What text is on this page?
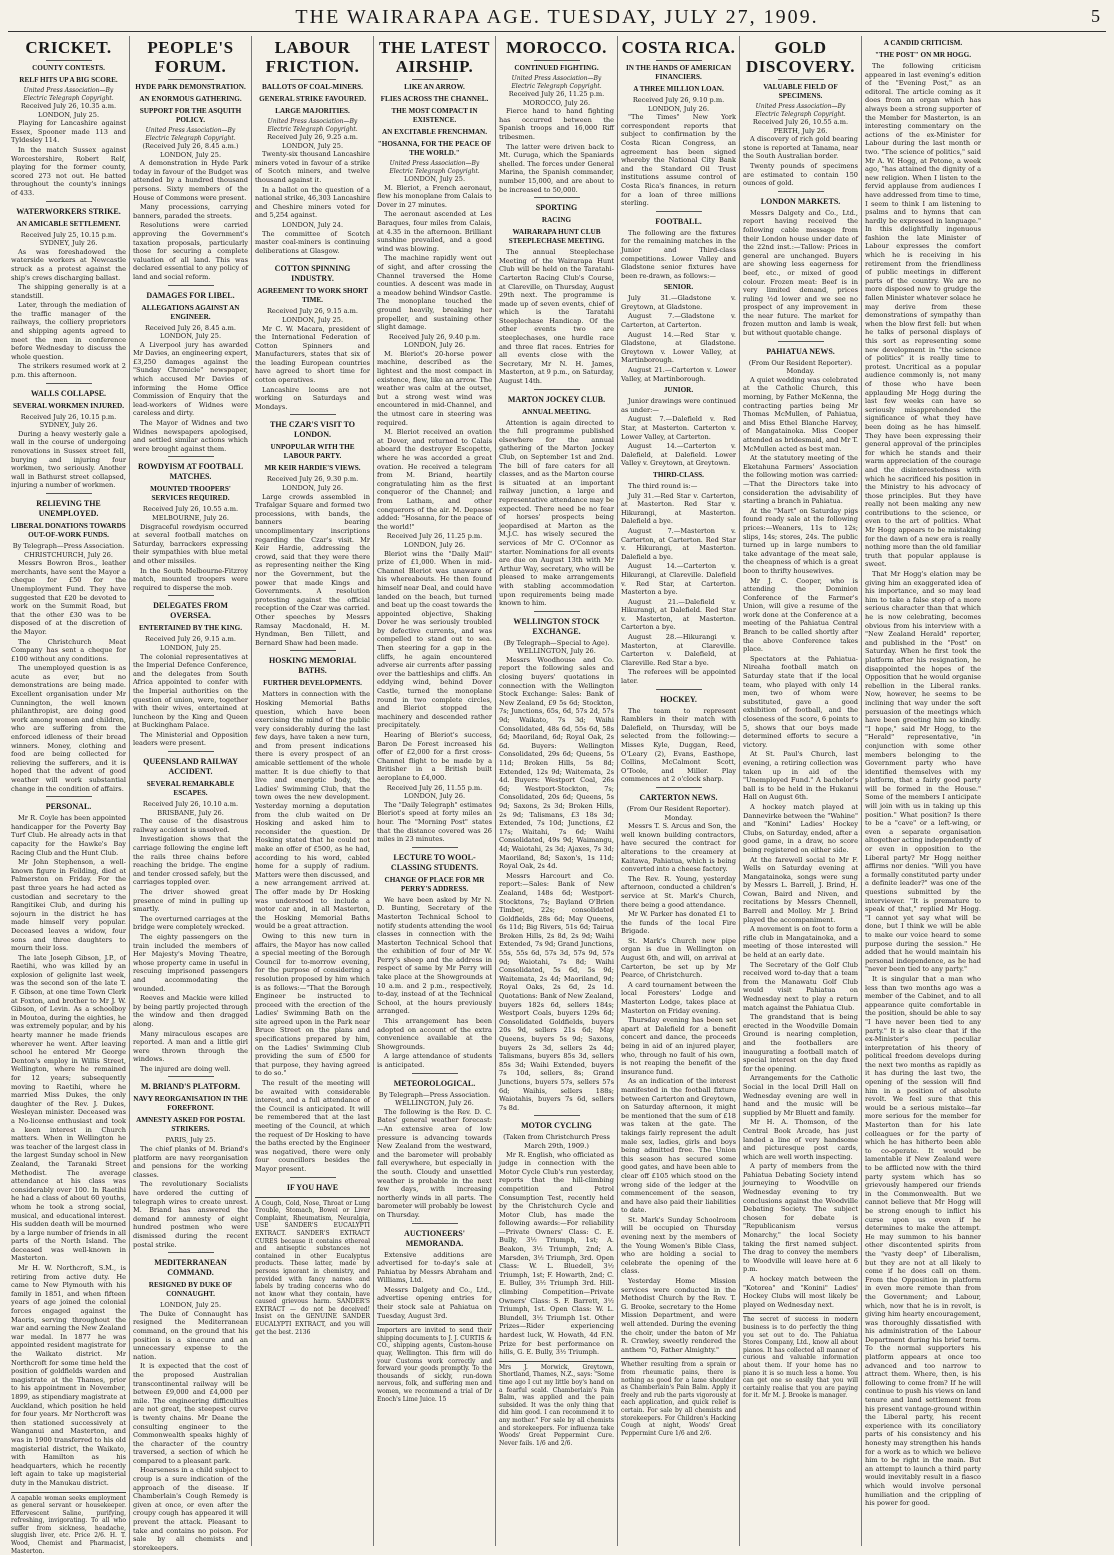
THE WAIRARAPA AGE. TUESDAY, JULY 27, 1909.	5
CRICKET.
COUNTY CONTESTS.
RELF HITS UP A BIG SCORE.
United Press Association—By Electric Telegraph Copyright.
Received July 26, 10.35 a.m.
LONDON, July 25.
Playing for Lancashire against Essex, Spooner made 113 and Tyldesley 114.
In the match Sussex against Worcestershire, Robert Relf, playing for the former county, scored 273 not out. He batted throughout the county's innings of 433.
WATERWORKERS STRIKE.
AN AMICABLE SETTLEMENT.
Received July 25, 10.15 p.m.
SYDNEY, July 26.
As was foreshadowed the waterside workers at Newcastle struck as a protest against the ship's crews discharging ballast.
The shipping generally is at a standstill.
Later, through the mediation of the traffic manager of the railways, the colliery proprietors and shipping agents agreed to meet the men in conference before Wednesday to discuss the whole question.
The strikers resumed work at 2 p.m. this afternoon.
WALLS COLLAPSE.
SEVERAL WORKMEN INJURED.
Received July 26, 10.15 p.m.
SYDNEY, July 26.
During a heavy westerly gale a wall in the course of undergoing renovations in Sussex street fell, burying and injuring four workmen, two seriously. Another wall in Bathurst street collapsed, injuring a number of workmen.
RELIEVING THE UNEMPLOYED.
LIBERAL DONATIONS TOWARDS OUT-OF-WORK FUNDS.
By Telegraph—Press Association. CHRISTCHURCH, July 26.
Messrs Bowron Bros., leather merchants, have sent the Mayor a cheque for £50 for the Unemployment Fund. They have suggested that £20 be devoted to work on the Summit Road, but that the other £30 was to be disposed of at the discretion of the Mayor.
The Christchurch Meat Company has sent a cheque for £100 without any conditions.
The unemployed question is as acute as ever, but no demonstrations are being made. Excellent organisation under Mr Cunnington, the well known philanthropist, are doing good work among women and children, who are suffering from the enforced idleness of their bread winners. Money, clothing and food are being collected for relieving the sufferers, and it is hoped that the advent of good weather will work substantial change in the condition of affairs.
PERSONAL.
Mr R. Coyle has been appointed handicapper for the Poverty Bay Turf Club. He already acts in that capacity for the Hawke's Bay Racing Club and the Hunt Club.
Mr John Stephenson, a well-known figure in Feilding, died at Palmerston on Friday. For the past three years he had acted as custodian and secretary to the Rangitikei Club, and during his sojourn in the district he has made himself very popular. Deceased leaves a widow, four sons and three daughters to mourn their loss.
The late Joseph Gibson, J.P., of Raetihi, who was killed by an explosion of gelignite last week, was the second son of the late T. F. Gibson, at one time Town Clerk at Foxton, and brother to Mr J. W. Gibson, of Levin. As a schoolboy in Moutoa, during the eighties, he was extremely popular, and by his hearty manner he made friends wherever he went. After leaving school he entered Mr George Denton's employ in Willis Street, Wellington, where he remained for 12 years; subsequently moving to Raetihi, where he married Miss Dukes, the only daughter of the Rev. J. Dukes, Wesleyan minister. Deceased was a No-license enthusiast and took a keen interest in Church matters. When in Wellington he was teacher of the largest class in the largest Sunday school in New Zealand, the Taranaki Street Methodist. The average attendance at his class was considerably over 100. In Raetihi he had a class of about 60 youths, whom he took a strong social, musical, and educational interest. His sudden death will be mourned by a large number of friends in all parts of the North Island. The deceased was well-known in Masterton.
Mr H. W. Northcroft, S.M., is retiring from active duty. He came to New Plymouth with his family in 1851, and when fifteen years of age joined the colonial forces engaged against the Maoris, serving throughout the war and earning the New Zealand war medal. In 1877 he was appointed resident magistrate for the Waikato district. Mr Northcroft for some time held the position of goldfields warden and magistrate at the Thames, prior to his appointment in November, 1899, as stipendiary magistrate at Auckland, which position he held for four years. Mr Northcroft was then stationed successively at Wanganui and Masterton, and was in 1900 transferred to his old magisterial district, the Waikato, with Hamilton as his headquarters, which he recently left again to take up magisterial duty in the Manukau district.
A capable woman seeks employment as general servant or housekeeper. Effervescent Saline, purifying, refreshing, invigorating. To all who suffer from sickness, headache, sluggish liver, etc. Price 2/6. H. T. Wood, Chemist and Pharmacist, Masterton.
PEOPLE'S FORUM.
HYDE PARK DEMONSTRATION.
AN ENORMOUS GATHERING.
SUPPORT FOR THE ASQUITH POLICY.
United Press Association—By Electric Telegraph Copyright.
(Received July 26, 8.45 a.m.)
LONDON, July 25.
A demonstration in Hyde Park today in favour of the Budget was attended by a hundred thousand persons. Sixty members of the House of Commons were present.
Many processions, carrying banners, paraded the streets.
Resolutions were carried approving the Government's taxation proposals, particularly those for securing a complete valuation of all land. This was declared essential to any policy of land and social reform.
DAMAGES FOR LIBEL.
ALLEGATIONS AGAINST AN ENGINEER.
Received July 26, 8.45 a.m.
LONDON, July 25.
A Liverpool jury has awarded Mr Davies, an engineering expert, £3,250 damages against the "Sunday Chronicle" newspaper, which accused Mr Davies of informing the Home Office Commission of Enquiry that the lead-workers of Widnes were careless and dirty.
The Mayor of Widnes and two Widnes newspapers apologised, and settled similar actions which were brought against them.
ROWDYISM AT FOOTBALL MATCHES.
MOUNTED TROOPERS' SERVICES REQUIRED.
Received July 26, 10.55 a.m.
MELBOURNE, July 26.
Disgraceful rowdyism occurred at several football matches on Saturday, barrackers expressing their sympathies with blue metal and other missiles.
In the South Melbourne-Fitzroy match, mounted troopers were required to disperse the mob.
DELEGATES FROM OVERSEA.
ENTERTAINED BY THE KING.
Received July 26, 9.15 a.m.
LONDON, July 25.
The colonial representatives at the Imperial Defence Conference, and the delegates from South Africa appointed to confer with the Imperial authorities on the question of union, were, together with their wives, entertained at luncheon by the King and Queen at Buckingham Palace.
The Ministerial and Opposition leaders were present.
QUEENSLAND RAILWAY ACCIDENT.
SEVERAL REMARKABLE ESCAPES.
Received July 26, 10.10 a.m.
BRISBANE, July 26.
The cause of the disastrous railway accident is unsolved.
Investigation shows that the carriage following the engine left the rails three chains before reaching the bridge. The engine and tender crossed safely, but the carriages toppled over.
The driver showed great presence of mind in pulling up smartly.
The overturned carriages at the bridge were completely wrecked.
The eighty passengers on the train included the members of Her Majesty's Moving Theatre, whose property came in useful in rescuing imprisoned passengers and accommodating the wounded.
Reeves and Mackie were killed by being partly projected through the window and then dragged along.
Many miraculous escapes are reported. A man and a little girl were thrown through the windows.
The injured are doing well.
M. BRIAND'S PLATFORM.
NAVY REORGANISATION IN THE FOREFRONT.
AMNESTY ASKED FOR POSTAL STRIKERS.
PARIS, July 25.
The chief planks of M. Briand's platform are navy reorganisation and pensions for the working classes.
The revolutionary Socialists have ordered the cutting of telegraph wires to create unrest. M. Briand has answered the demand for amnesty of eight hundred postmen who were dismissed during the recent postal strike.
MEDITERRANEAN COMMAND.
RESIGNED BY DUKE OF CONNAUGHT.
LONDON, July 25.
The Duke of Connaught has resigned the Mediterranean command, on the ground that his position is a sinecure and an unnecessary expense to the nation.
It is expected that the cost of the proposed Australian transcontinental railway will be between £9,000 and £4,000 per mile. The engineering difficulties are not great, the steepest curve is twenty chains. Mr Deane the consulting engineer to the Commonwealth speaks highly of the character of the country traversed, a section of which he compared to a pleasant park.
Hoarseness in a child subject to croup is a sure indication of the approach of the disease. If Chamberlain's Cough Remedy is given at once, or even after the croupy cough has appeared it will prevent the attack. Pleasant to take and contains no poison. For sale by all chemists and storekeepers.
LABOUR FRICTION.
BALLOTS OF COAL-MINERS.
GENERAL STRIKE FAVOURED.
LARGE MAJORITIES.
United Press Association—By Electric Telegraph Copyright.
Received July 26, 9.25 a.m.
LONDON, July 25.
Twenty-six thousand Lancashire miners voted in favour of a strike of Scotch miners, and twelve thousand against it.
In a ballot on the question of a national strike, 46,303 Lancashire and Cheshire miners voted for and 5,254 against.
LONDON, July 24.
The committee of Scotch master coal-miners is continuing deliberations at Glasgow.
COTTON SPINNING INDUSTRY.
AGREEMENT TO WORK SHORT TIME.
Received July 26, 9.15 a.m.
LONDON, July 25.
Mr C. W. Macara, president of the International Federation of Cotton Spinners and Manufacturers, states that six of the leading European countries have agreed to short time for cotton operatives.
Lancashire looms are not working on Saturdays and Mondays.
THE CZAR'S VISIT TO LONDON.
UNPOPULAR WITH THE LABOUR PARTY.
MR KEIR HARDIE'S VIEWS.
Received July 26, 9.30 p.m.
LONDON, July 26.
Large crowds assembled in Trafalgar Square and formed two processions, with bands, the banners bearing uncomplimentary inscriptions regarding the Czar's visit. Mr Keir Hardie, addressing the crowd, said that they were there as representing neither the King nor the Government, but the power that made Kings and Governments. A resolution protesting against the official reception of the Czar was carried. Other speeches by Messrs Ramsay Macdonald, H. M. Hyndman, Ben Tillett, and Bernard Shaw had been made.
HOSKING MEMORIAL BATHS.
FURTHER DEVELOPMENTS.
Matters in connection with the Hosking Memorial Baths question, which have been exercising the mind of the public very considerably during the last few days, have taken a new turn, and from present indications there is every prospect of an amicable settlement of the whole matter. It is due chiefly to that live and energetic body, the Ladies' Swimming Club, that the town owes the new development. Yesterday morning a deputation from the club waited on Dr Hosking and asked him to reconsider the question. Dr Hosking stated that he could not make an offer of £500, as he had, according to his word, cabled home for a supply of radium. Matters were then discussed, and a new arrangement arrived at. The offer made by Dr Hosking was understood to include a motor car and, in all Masterton, the Hosking Memorial Baths would be a great attraction.
Owing to this new turn in affairs, the Mayor has now called a special meeting of the Borough Council for to-morrow evening, for the purpose of considering a resolution proposed by him which is as follows:—"That the Borough Engineer be instructed to proceed with the erection of the Ladies' Swimming Bath on the site agreed upon in the Park near Bruce Street on the plans and specifications prepared by him, on the Ladies' Swimming Club providing the sum of £500 for that purpose, they having agreed to do so."
The result of the meeting will be awaited with considerable interest, and a full attendance of the Council is anticipated. It will be remembered that at the last meeting of the Council, at which the request of Dr Hosking to have the baths erected by the Engineer was negatived, there were only four councillors besides the Mayor present.
IF YOU HAVE
A Cough, Cold, Nose, Throat or Lung Trouble, Stomach, Bowel or Liver Complaint, Rheumatism, Neuralgia, USE SANDER'S EUCALYPTI EXTRACT. SANDER'S EXTRACT CURES because it contains ethereal and antiseptic substances not contained in other Eucalyptus products. These latter, made by persons ignorant in chemistry, and provided with fancy names and labels by trading concerns who do not know what they contain, have caused grievous harm. SANDER'S EXTRACT — do not be deceived! Insist on the GENUINE SANDER EUCALYPTI EXTRACT, and you will get the best. 2136
THE LATEST AIRSHIP.
LIKE AN ARROW.
FLIES ACROSS THE CHANNEL.
THE MOST COMPACT IN EXISTENCE.
AN EXCITABLE FRENCHMAN.
"HOSANNA, FOR THE PEACE OF THE WORLD."
United Press Association—By Electric Telegraph Copyright.
LONDON, July 25.
M. Bleriot, a French aeronaut, flew his monoplane from Calais to Dover in 27 minutes.
The aeronaut ascended at Les Baraques, four miles from Calais, at 4.35 in the afternoon. Brilliant sunshine prevailed, and a good wind was blowing.
The machine rapidly went out of sight, and after crossing the Channel traversed the Home counties. A descent was made in a meadow behind Windsor Castle. The monoplane touched the ground heavily, breaking her propeller, and sustaining other slight damage.
Received July 26, 9.40 p.m.
LONDON, July 26.
M. Bleriot's 20-horse power machine, described as the lightest and the most compact in existence, flew, like an arrow. The weather was calm at the outset, but a strong west wind was encountered in mid-Channel, and the utmost care in steering was required.
M. Bleriot received an ovation at Dover, and returned to Calais aboard the destroyer Escopette, where he was accorded a great ovation. He received a telegram from M. Briand, heartily congratulating him as the first conqueror of the Channel; and from Latham, and other conquerors of the air. M. Depasse added: "Hosanna, for the peace of the world!"
Received July 26, 11.25 p.m.
LONDON, July 26.
Bleriot wins the "Daily Mail" prize of £1,000. When in mid-Channel Bleriot was unaware of his whereabouts. He then found himself near Deal, and could have landed on the beach, but turned and beat up the coast towards the appointed objective, Shaking Dover he was seriously troubled by defective currents, and was compelled to stand out to sea. Then steering for a gap in the cliffs, he again encountered adverse air currents after passing over the battleships and cliffs. An eddying wind, behind Dover Castle, turned the monoplane round in two complete circles, and Bleriot stopped the machinery and descended rather precipitately.
Hearing of Bleriot's success, Baron De Forest increased his offer of £2,000 for a first cross-Channel flight to be made by a Britisher in a British built aeroplane to £4,000.
Received July 26, 11.55 p.m.
LONDON, July 26.
The "Daily Telegraph" estimates Bleriot's speed at forty miles an hour. The "Morning Post" states that the distance covered was 26 miles in 23 minutes.
LECTURE TO WOOL-CLASSING STUDENTS.
CHANGE OF PLACE FOR MR PERRY'S ADDRESS.
We have been asked by Mr N. D. Bunting, Secretary of the Masterton Technical School to notify students attending the wool classes in connection with the Masterton Technical School that the exhibition of four of Mr W. Perry's sheep and the address in respect of same by Mr Perry will take place at the Showgrounds at 10 a.m. and 2 p.m., respectively, to-day, instead of at the Technical School, at the hours previously arranged.
This arrangement has been adopted on account of the extra convenience available at the Showgrounds.
A large attendance of students is anticipated.
METEOROLOGICAL.
By Telegraph—Press Association. WELLINGTON, July 26.
The following is the Rev. D. C. Bates' general weather forecast:—An extensive area of low pressure is advancing towards New Zealand from the westward, and the barometer will probably fall everywhere, but especially in the south. Cloudy and unsettled weather is probable in the next few days, with increasing northerly winds in all parts. The barometer will probably be lowest on Thursday.
AUCTIONEERS' MEMORANDA.
Extensive additions are advertised for to-day's sale at Pahiatua by Messrs Abraham and Williams, Ltd.
Messrs Dalgety and Co., Ltd., advertise opening entries for their stock sale at Pahiatua on Tuesday, August 3rd.
Importers are invited to send their shipping documents to J. J. CURTIS & CO., shipping agents, Custom-house quay, Wellington. This firm will do your Customs work correctly and forward your goods promptly. To the thousands of sickly, run-down nervous, folk, and suffering men and women, we recommend a trial of Dr Enoch's Lime Juice. 15
MOROCCO.
CONTINUED FIGHTING.
United Press Association—By Electric Telegraph Copyright.
Received July 26, 11.25 p.m.
MOROCCO, July 26.
Fierce hand to hand fighting has occurred between the Spanish troops and 16,000 Riff tribesmen.
The latter were driven back to Mt. Curuga, which the Spaniards shelled. The forces under General Marina, the Spanish commander, number 15,000, and are about to be increased to 50,000.
SPORTING
RACING
WAIRARAPA HUNT CLUB STEEPLECHASE MEETING.
The annual Steeplechase Meeting of the Wairarapa Hunt Club will be held on the Taratahi-Carterton Racing Club's Course, at Clareville, on Thursday, August 29th next. The programme is made up of seven events, chief of which is the Taratahi Steeplechase Handicap. Of the other events two are steeplechases, one hurdle race and three flat races. Entries for all events close with the Secretary, Mr N. H. James, Masterton, at 9 p.m., on Saturday, August 14th.
MARTON JOCKEY CLUB.
ANNUAL MEETING.
Attention is again directed to the full programme published elsewhere for the annual gathering of the Marton Jockey Club, on September 1st and 2nd. The bill of fare caters for all classes, and as the Marton course is situated at an important railway junction, a large and representative attendance may be expected. There need be no fear of horses' prospects being jeopardised at Marton as the M.J.C. has wisely secured the services of Mr C. O'Connor as starter. Nominations for all events are due on August 13th with Mr Arthur Way, secretary, who will be pleased to make arrangements with stabling accommodation upon requirements being made known to him.
WELLINGTON STOCK EXCHANGE.
(By Telegraph—Special to Age). WELLINGTON, July 26.
Messrs Woodhouse and Co. report the following sales and closing buyers' quotations in connection with the Wellington Stock Exchange: Sales: Bank of New Zealand, £9 5s 6d; Stockton, 7s; Junctions, 65s, 6d, 57s 2d, 57s 9d; Waikato, 7s 3d; Waihi Consolidated, 48s 6d, 55s 6d, 58s 6d; Maoriland, 6d; Royal Oak, 2s 6d. Buyers: Wellington Consolidated, 29s 6d; Queens, 5s 11d; Broken Hills, 5s 8d; Extended, 12s 9d; Waitemata, 2s 4d. Buyers: Westport Coal, 26s 6d; Westport-Stockton, 7s; Consolidated, 20s 6d; Queens, 5s 9d; Saxons, 2s 3d; Broken Hills, 2s 9d; Talismans, £3 18s 3d; Extended, 7s 10d; Junctions, £2 17s; Waitahi, 7s 6d; Waihi Consolidated, 49s 9d; Waimangu, 4d; Waiotahi, 2s 3d; Ajaxes, 7s 3d; Maoriland, 8d; Saxon's, 1s 11d; Royal Oak, 2s 4d.
Messrs Harcourt and Co. report:—Sales: Bank of New Zealand, 148s 6d; Westport-Stocktons, 7s; Bayland O'Brien Timber, 22s; consolidated Goldfields, 28s 6d; May Queens, 6s 11d; Big Rivers, 51s 6d; Tairua Broken Hills, 2s 8d, 2s 9d; Waihi Extended, 7s 9d; Grand Junctions, 55s, 55s 6d, 57s 3d, 57s 9d, 57s 9d; Waiotahi, 7s 8d; Waihi Consolidated, 5s 6d, 5s 9d; Waitemata, 2s 4d; Maoriland, 9d; Royal Oaks, 2s 6d, 2s 1d. Quotations: Bank of New Zealand, buyers 182s 6d, sellers 184s; Westport Coals, buyers 129s 6d; Consolidated Goldfields, buyers 20s 9d, sellers 21s 6d; May Queens, buyers 5s 9d; Saxons, buyers 2s 3d, sellers 2s 4d; Talismans, buyers 85s 3d, sellers 85s 3d; Waihi Extended, buyers 7s 10d, sellers, 8s; Grand Junctions, buyers 57s, sellers 57s 6d; Waihis, sellers 188s; Waiotahis, buyers 7s 6d, sellers 7s 8d.
MOTOR CYCLING
(Taken from Christchurch Press March 29th, 1909.)
Mr R. English, who officiated as judge in connection with the Motor Cycle Club's run yesterday, reports that the hill-climbing competition and Petrol Consumption Test, recently held by the Christchurch Cycle and Motor Club, has made the following awards:—For reliability—Private Owners' Class: C. E. Bully, 3½ Triumph, 1st; A. Beakon, 3½ Triumph, 2nd; A. Marsden, 3½ Triumph, 3rd. Open Class: W. L. Bluedell, 3½ Triumph, 1st; F. Howarth, 2nd; C. E. Bulley, 3½ Triumph 3rd. Hill-climbing Competition—Private Owners' Class: S. F. Barrett, 3½ Triumph, 1st. Open Class: W. L. Blundell, 3½ Triumph 1st. Other Prizes—Rider experiencing hardest luck, W. Howath, 4d F.N. Prize for best performance on hills, G. E. Bully, 3½ Triumph.
Mrs J. Morwick, Greytown, Shortland, Thames, N.Z., says: "Some time ago I cut my little boy's hand on a fearful scald. Chamberlain's Pain Balm, was applied and the pain subsided. It was the only thing that did him good. I can recommend it to any mother." For sale by all chemists and storekeepers. For influenza take Woods' Great Peppermint Cure. Never fails. 1/6 and 2/6.
COSTA RICA.
IN THE HANDS OF AMERICAN FINANCIERS.
A THREE MILLION LOAN.
Received July 26, 9.10 p.m.
LONDON, July 26.
"The Times" New York correspondent reports that subject to confirmation by the Costa Rican Congress, an agreement has been signed whereby the National City Bank and the Standard Oil Trust institutions assume control of Costa Rica's finances, in return for a loan of three millions sterling.
FOOTBALL.
The following are the fixtures for the remaining matches in the Junior and Third-class competitions. Lower Valley and Gladstone senior fixtures have been re-drawn, as follows:—
SENIOR.
July 31.—Gladstone v. Greytown, at Gladstone.
August 7.—Gladstone v. Carterton, at Carterton.
August 14.—Red Star v. Gladstone, at Gladstone. Greytown v. Lower Valley, at Martinborough.
August 21.—Carterton v. Lower Valley, at Martinborough.
JUNIOR.
Junior drawings were continued as under:—
August 7.—Dalefield v. Red Star, at Masterton. Carterton v. Lower Valley, at Carterton.
August 14.—Carterton v. Dalefield, at Dalefield. Lower Valley v. Greytown, at Greytown.
THIRD-CLASS.
The third round is:—
July 31.—Red Star v. Carterton, at Masterton. Red Star v. Hikurangi, at Masterton. Dalefield a bye.
August 7.—Masterton v. Carterton, at Carterton. Red Star v. Hikurangi, at Masterton. Dalefield a bye.
August 14.—Carterton v. Hikurangi, at Clareville. Dalefield v. Red Star, at Carterton. Masterton a bye.
August 21.—Dalefield v. Hikurangi, at Dalefield. Red Star v. Masterton, at Masterton. Carterton a bye.
August 28.—Hikurangi v. Masterton, at Clareville. Carterton v. Dalefield, at Clareville. Red Star a bye.
The referees will be appointed later.
HOCKEY.
The team to represent Ramblers in their match with Dalefield, on Thursday, will be selected from the following:—Misses Kyle, Duggan, Reed, O'Leary (2), Evans, Easthope, Collins, McCalmont Scott, O'Toole, and Miller. Play commences at 2 o'clock sharp.
CARTERTON NEWS.
(From Our Resident Reporter). Monday.
Messrs T. S. Arcus and Son, the well known building contractors, have secured the contract for alterations to the creamery at Kaitawa, Pahiatua, which is being converted into a cheese factory.
The Rev. R. Young, yesterday afternoon, conducted a children's service at St. Mark's Church, there being a good attendance.
Mr W. Parker has donated £1 to the funds of the local Fire Brigade.
St. Mark's Church new pipe organ is due in Wellington on August 6th, and will, on arrival at Carterton, be set up by Mr Pearce, of Christchurch.
A card tournament between the local Foresters' Lodge and Masterton Lodge, takes place at Masterton on Friday evening.
Thursday evening has been set apart at Dalefield for a benefit concert and dance, the proceeds being in aid of an injured player, who, through no fault of his own, is not reaping the benefit of the insurance fund.
As an indication of the interest manifested in the football fixture between Carterton and Greytown, on Saturday afternoon, it might be mentioned that the sum of £18 was taken at the gate. The takings fairly represent the adult male sex, ladies, girls and boys being admitted free. The Union this season has secured some good gates, and have been able to clear off £105 which stood on the wrong side of the ledger at the commencement of the season, and have also paid their liabilities to date.
St. Mark's Sunday Schoolroom will be occupied on Thursday evening next by the members of the Young Women's Bible Class, who are holding a social to celebrate the opening of the class.
Yesterday Home Mission services were conducted in the Methodist Church by the Rev. T. G. Brooke, secretary to the Home Mission Department, and were well attended. During the evening the choir, under the baton of Mr R. Crawley, sweetly rendered the anthem "O, Father Almighty."
Whether resulting from a sprain or from rheumatic pains, there is nothing as good for a lame shoulder as Chamberlain's Pain Balm. Apply it freely and rub the parts vigorously at each application, and quick relief is certain. For sale by all chemists and storekeepers. For Children's Hacking Cough at night, Woods' Great Peppermint Cure 1/6 and 2/6.
GOLD DISCOVERY.
VALUABLE FIELD OF SPECIMENS.
United Press Association—By Electric Telegraph Copyright.
Received July 26, 10.55 a.m.
PERTH, July 26.
A discovery of rich gold bearing stone is reported at Tanama, near the South Australian border.
Twenty pounds of specimens are estimated to contain 150 ounces of gold.
LONDON MARKETS.
Messrs Dalgety and Co., Ltd., report having received the following cable message from their London house under date of the 22nd inst.:—Tallow: Prices in general are unchanged. Buyers are showing less eagerness for beef, etc., or mixed of good colour. Frozen meat: Beef is in very limited demand, prices ruling ½d lower and we see no prospect of any improvement in the near future. The market for frozen mutton and lamb is weak, but without quotable change.
PAHIATUA NEWS.
(From Our Resident Reporter). Monday.
A quiet wedding was celebrated at the Catholic Church, this morning, by Father McKenna, the contracting parties being Mr Thomas McMullen, of Pahiatua, and Miss Ethel Blanche Harvey, of Mangatainoka. Miss Cooper attended as bridesmaid, and Mr T. McMullen acted as best man.
At the statutory meeting of the Eketahuna Farmers' Association the following motion was carried:—That the Directors take into consideration the advisability of starting a branch in Pahiatua.
At the "Mart" on Saturday pigs found ready sale at the following prices:—Weaners, 11s to 12s; slips, 14s; stores, 24s. The public turned up in large numbers to take advantage of the meat sale, the cheapness of which is a great boon to thrifty housewives.
Mr J. C. Cooper, who is attending the Dominion Conference of the Farmer's Union, will give a resume of the work done at the Conference at a meeting of the Pahiatua Central Branch to be called shortly after the above Conference takes place.
Spectators at the Pahiatua-Nireaha football match on Saturday state that if the local team, who played with only 14 men, two of whom were substituted, gave a good exhibition of football, and the closeness of the score, 6 points to 5, shows that our boys made determined efforts to secure a victory.
At St. Paul's Church, last evening, a retiring collection was taken up in aid of the "Unemployed Fund." A bachelor's ball is to be held in the Hukanui Hall on August 6th.
A hockey match played at Dannevirke between the "Wahine" and "Konini" Ladies' Hockey Clubs, on Saturday, ended, after a good game, in a draw, no score being registered on either side.
At the farewell social to Mr F. Wells on Saturday evening at Mangatainoka, songs were sung by Messrs L. Barrell, J. Brind, H. Cowan, Baird and Niven, and recitations by Messrs Chennell, Barrell and Molloy. Mr J. Brind played the accompaniment.
A movement is on foot to form a rifle club in Mangatainoka, and a meeting of those interested will be held at an early date.
The Secretary of the Golf Club received word to-day that a team from the Manawatu Golf Club would visit Pahiatua on Wednesday next to play a return match against the Pahiatua Club.
The grandstand that is being erected in the Woodville Domain Ground is nearing completion, and the footballers are inaugurating a football match of special interest on the day fixed for the opening.
Arrangements for the Catholic Social in the local Drill Hall on Wednesday evening are well in hand and the music will be supplied by Mr Bluett and family.
Mr H. A. Thomson, of the Central Book Arcade, has just landed a line of very handsome and picturesque post cards, which are well worth inspecting.
A party of members from the Pahiatua Debating Society intend journeying to Woodville on Wednesday evening to try conclusions against the Woodville Debating Society. The subject chosen for debate is "Republicanism versus Monarchy," the local Society taking the first named subject. The drag to convey the members to Woodville will leave here at 6 p.m.
A hockey match between the "Kotorea" and "Konini" Ladies' Hockey Clubs will most likely be played on Wednesday next.
The secret of success in modern business is to do perfectly the thing you set out to do. The Pahiatua Stores Company, Ltd., know all about pianos. It has collected all manner of curious and valuable information about them. If your home has no piano it is so much less a home. You can get one so easily that you will certainly realise that you are paying for it. Mr M. J. Brooke is manager.
A CANDID CRITICISM.
"THE POST" ON MR HOGG.
The following criticism appeared in last evening's edition of the "Evening Post," as an editoral. The article coming as it does from an organ which has always been a strong supporter of the Member for Masterton, is an interesting commentary on the actions of the ex-Minister for Labour during the last month or two. "The science of politics," said Mr A. W. Hogg, at Petone, a week ago, "has attained the dignity of a new religion. When I listen to the fervid applause from audiences I have addressed from time to time, I seem to think I am listening to psalms and to hymns that can hardly be expressed in language." In this delightfully ingenuous fashion the late Minister of Labour expresses the comfort which he is receiving in his retirement from the friendliness of public meetings in different parts of the country. We are no more disposed now to grudge the fallen Minister whatever solace he may derive from these demonstrations of sympathy than when the blow first fell: but when he talks of personal displays of this sort as representing some new development in "the science of politics" it is really time to protest. Uncritical as a popular audience commonly is, not many of those who have been applauding Mr Hogg during the last few weeks can have so seriously misapprehended the significance of what they have been doing as he has himself. They have been expressing their general approval of the principles for which he stands and their warm appreciation of the courage and the disinterestedness with which he sacrificed his position in the Ministry to his advocacy of those principles. But they have really not been making any new contributions to the science, or even to the art of politics. What Mr Hogg appears to be mistaking for the dawn of a new era is really nothing more than the old familiar truth that popular applause is sweet.
That Mr Hogg's elation may be giving him an exaggerated idea of his importance, and so may lead him to take a false step of a more serious character than that which he is now celebrating, becomes obvious from his interview with a "New Zealand Herald" reporter, and published in the "Post" on Saturday. When he first took the platform after his resignation, he disappointed the hopes of the Opposition that he would organise rebellion in the Liberal ranks. Now, however, he seems to be inclining that way under the soft persuasion of the meetings which have been greeting him so kindly. "I hope," said Mr Hogg, to the "Herald" representative, "in conjunction with some other members belonging to the Government party who have identified themselves with my platform, that a fairly good party will be formed in the House." Some of the members I anticipate will join with us in taking up this position." What position? Is there to be a "cave" or a left-wing, or even a separate organisation altogether acting independently of or even in opposition to the Liberal party? Mr Hogg neither affirms nor denies. "Will you have a formally constituted party under a definite leader?" was one of the questions submitted by the interviewer. "It is premature to speak of that," replied Mr Hogg. "I cannot yet say what will be done, but I think we will be able to make our voice heard to some purpose during the session." He added that he would maintain his personal independence, as he had "never been tied to any party."
It is singular that a man who less than two months ago was a member of the Cabinet, and to all appearance quite comfortable in the position, should be able to say "I have never been tied to any party." It is also clear that if the ex-Minister's peculiar interpretation of his theory of political freedom develops during the next two months as rapidly as it has during the last two, the opening of the session will find him in a position of absolute revolt. We feel sure that this would be a serious mistake—far more serious for the member for Masterton than for his late colleagues or for the party of which he has hitherto been able to co-operate. It would be lamentable if New Zealand were to be afflicted now with the third party system which has so grievously hampered our friends in the Commonwealth. But we cannot believe that Mr Hogg will be strong enough to inflict his curse upon us even if he determines to make the attempt. He may summon to his banner other discontented spirits from the "vasty deep" of Liberalism, but they are not at all likely to come if he does call on them. From the Opposition in platform in even more remote than from the Government; and Labour, which, now that he is in revolt, is giving him hearty encouragement, was thoroughly dissatisfied with his administration of the Labour Department during his brief term. To the normal supporters his platform appears at once too advanced and too narrow to attract them. Where, then, is his following to come from? If he will continue to push his views on land tenure and land settlement from his present vantage-ground within the Liberal party, his recent experience with its conciliatory parts of his consistency and his honesty may strengthen his hands for a work as to which we believe him to be right in the main. But an attempt to launch a third party would inevitably result in a fiasco which would involve personal humiliation and the crippling of his power for good.
